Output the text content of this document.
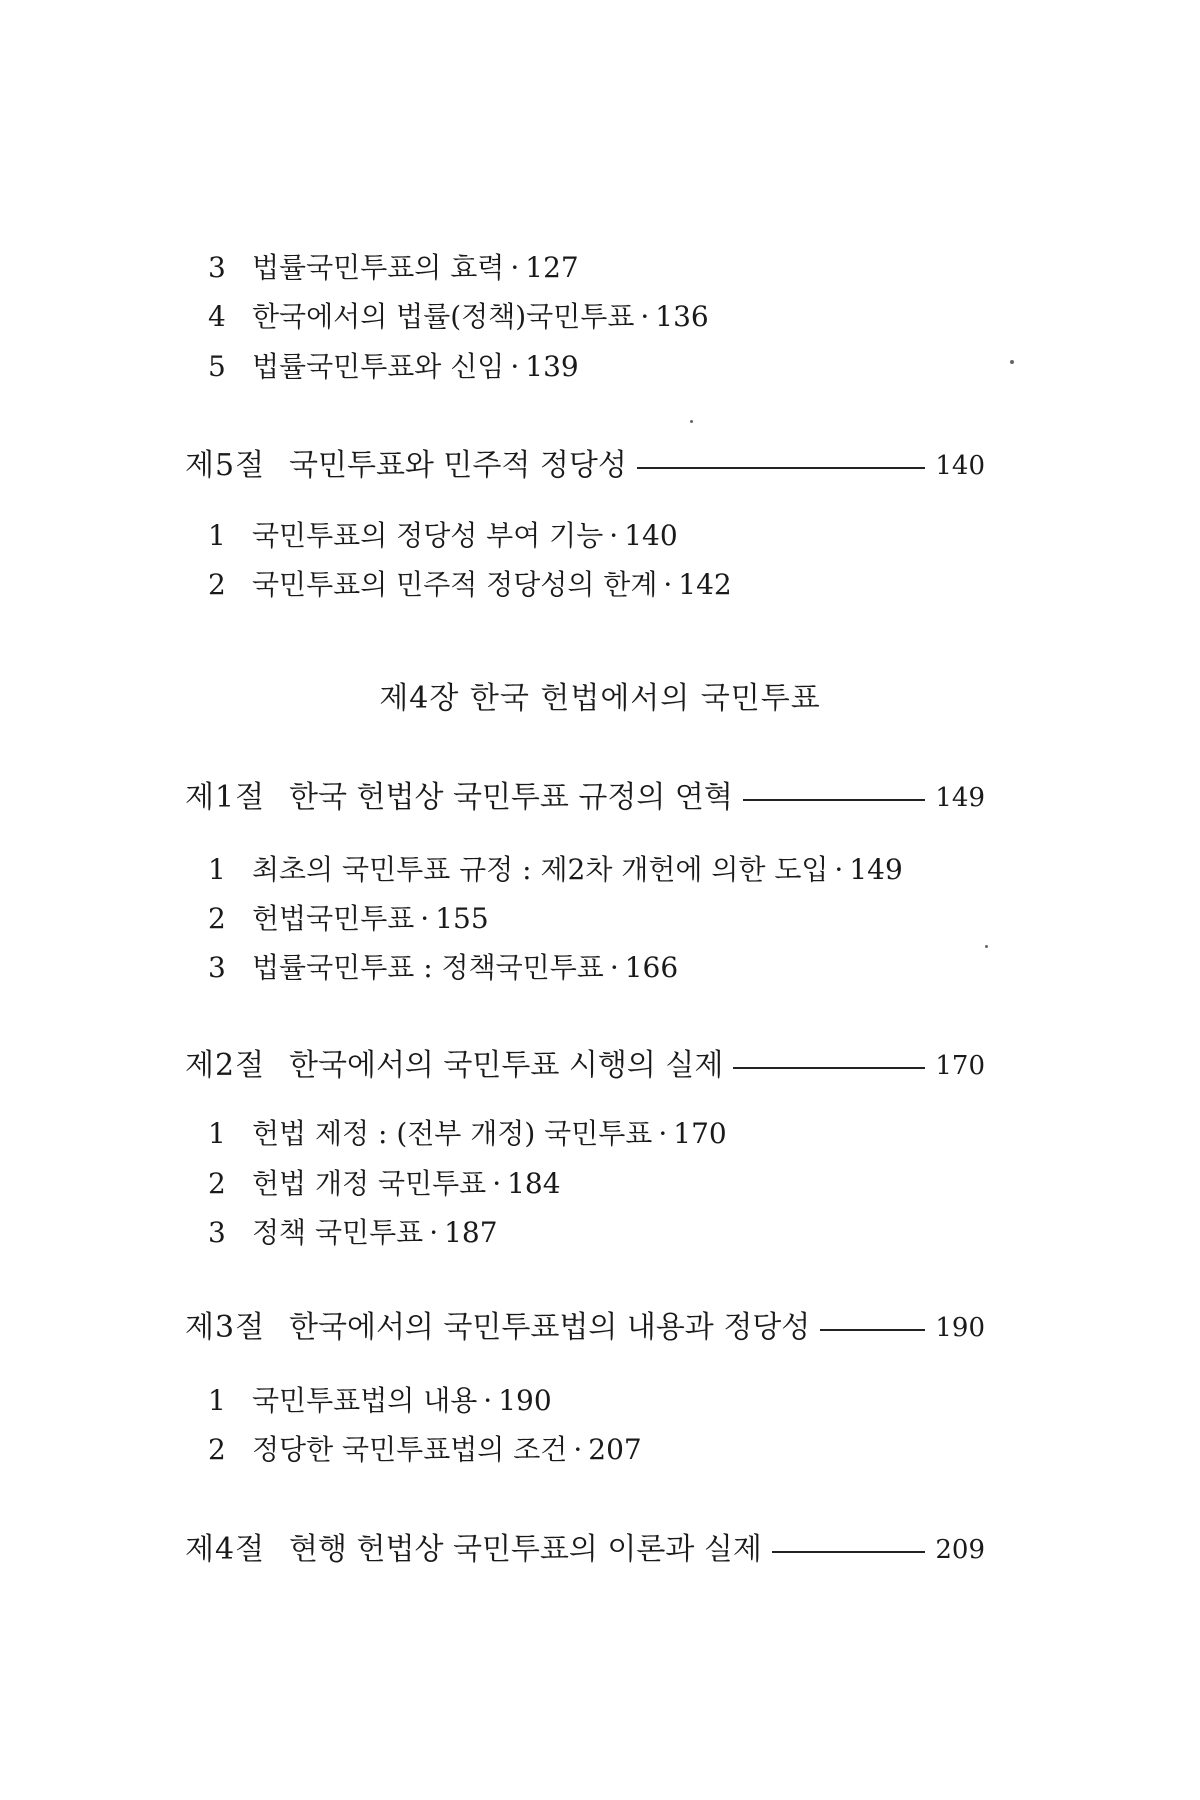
3 법률국민투표의 효력 · 127
4 한국에서의 법률(정책)국민투표 · 136
5 법률국민투표와 신임 · 139
제5절 국민투표와 민주적 정당성	140
1 국민투표의 정당성 부여 기능 · 140
2 국민투표의 민주적 정당성의 한계 · 142
제4장 한국 헌법에서의 국민투표
제1절 한국 헌법상 국민투표 규정의 연혁	149
1 최초의 국민투표 규정 : 제2차 개헌에 의한 도입 · 149
2 헌법국민투표 · 155
3 법률국민투표 : 정책국민투표 · 166
제2절 한국에서의 국민투표 시행의 실제	170
1 헌법 제정 : (전부 개정) 국민투표 · 170
2 헌법 개정 국민투표 · 184
3 정책 국민투표 · 187
제3절 한국에서의 국민투표법의 내용과 정당성	190
1 국민투표법의 내용 · 190
2 정당한 국민투표법의 조건 · 207
제4절 현행 헌법상 국민투표의 이론과 실제	209
